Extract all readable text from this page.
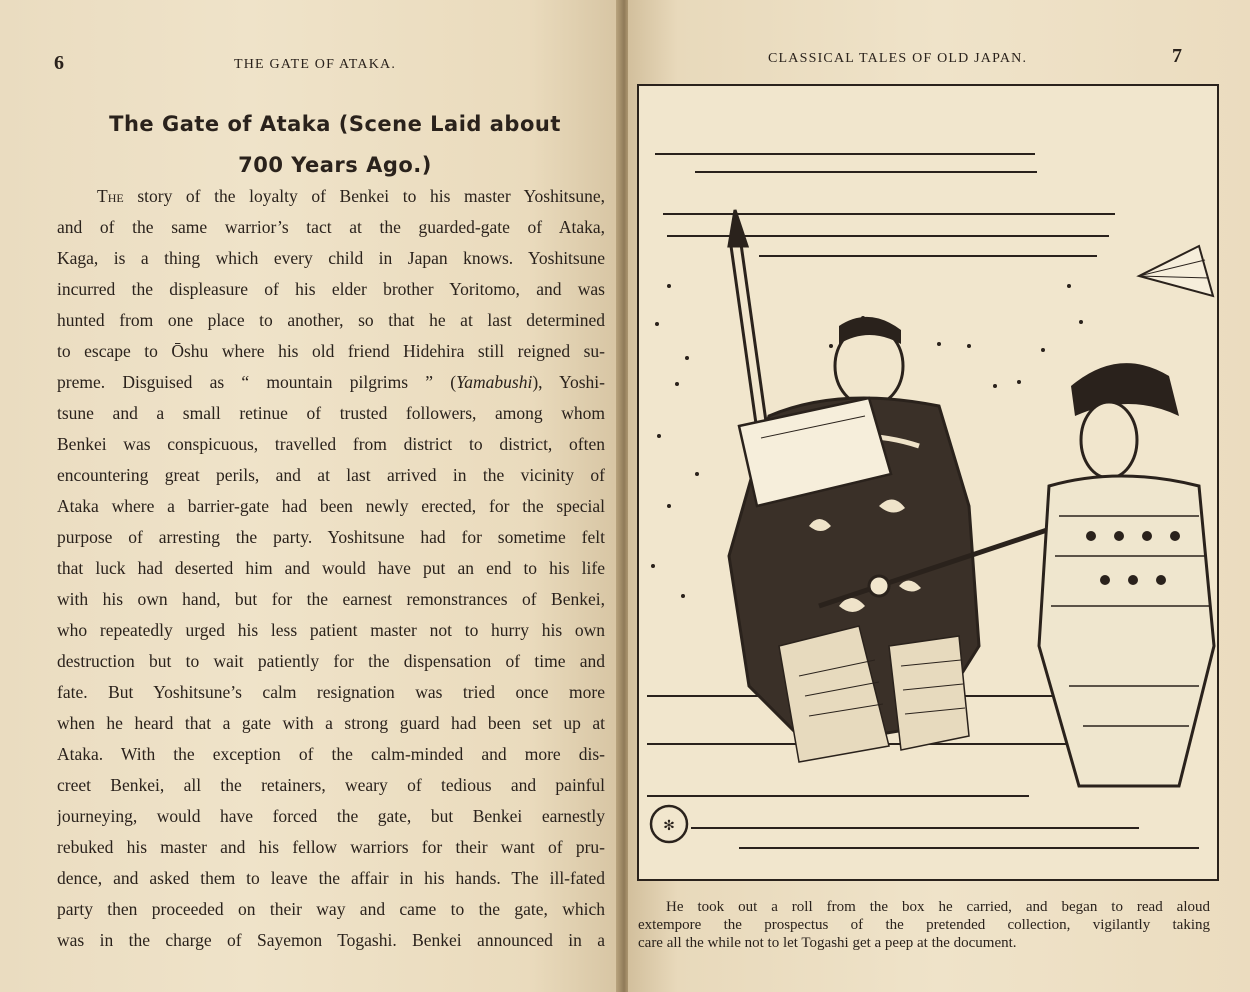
6	THE GATE OF ATAKA.
The Gate of Ataka (Scene Laid about
700 Years Ago.)
The story of the loyalty of Benkei to his master Yoshitsune,
and of the same warrior’s tact at the guarded-gate of Ataka,
Kaga, is a thing which every child in Japan knows. Yoshitsune
incurred the displeasure of his elder brother Yoritomo, and was
hunted from one place to another, so that he at last determined
to escape to Ōshu where his old friend Hidehira still reigned su-
preme. Disguised as “ mountain pilgrims ” (Yamabushi), Yoshi-
tsune and a small retinue of trusted followers, among whom
Benkei was conspicuous, travelled from district to district, often
encountering great perils, and at last arrived in the vicinity of
Ataka where a barrier-gate had been newly erected, for the special
purpose of arresting the party. Yoshitsune had for sometime felt
that luck had deserted him and would have put an end to his life
with his own hand, but for the earnest remonstrances of Benkei,
who repeatedly urged his less patient master not to hurry his own
destruction but to wait patiently for the dispensation of time and
fate. But Yoshitsune’s calm resignation was tried once more
when he heard that a gate with a strong guard had been set up at
Ataka. With the exception of the calm-minded and more dis-
creet Benkei, all the retainers, weary of tedious and painful
journeying, would have forced the gate, but Benkei earnestly
rebuked his master and his fellow warriors for their want of pru-
dence, and asked them to leave the affair in his hands. The ill-fated
party then proceeded on their way and came to the gate, which
was in the charge of Sayemon Togashi. Benkei announced in a
CLASSICAL TALES OF OLD JAPAN.	7
✻
He took out a roll from the box he carried, and began to read aloud
extempore the prospectus of the pretended collection, vigilantly taking
care all the while not to let Togashi get a peep at the document.
